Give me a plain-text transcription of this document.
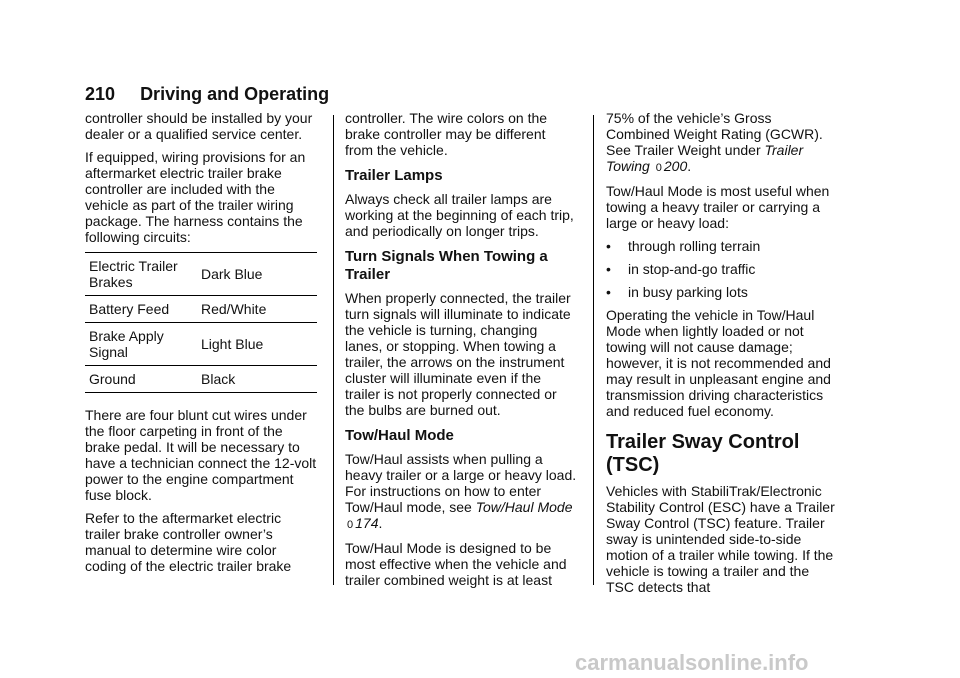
210 Driving and Operating

controller should be installed by your dealer or a qualified service center.

If equipped, wiring provisions for an aftermarket electric trailer brake controller are included with the vehicle as part of the trailer wiring package. The harness contains the following circuits:

Electric Trailer Brakes	Dark Blue
Battery Feed	Red/White
Brake Apply Signal	Light Blue
Ground	Black

There are four blunt cut wires under the floor carpeting in front of the brake pedal. It will be necessary to have a technician connect the 12-volt power to the engine compartment fuse block.

Refer to the aftermarket electric trailer brake controller owner’s manual to determine wire color coding of the electric trailer brake

controller. The wire colors on the brake controller may be different from the vehicle.

Trailer Lamps

Always check all trailer lamps are working at the beginning of each trip, and periodically on longer trips.

Turn Signals When Towing a Trailer

When properly connected, the trailer turn signals will illuminate to indicate the vehicle is turning, changing lanes, or stopping. When towing a trailer, the arrows on the instrument cluster will illuminate even if the trailer is not properly connected or the bulbs are burned out.

Tow/Haul Mode

Tow/Haul assists when pulling a heavy trailer or a large or heavy load. For instructions on how to enter Tow/Haul mode, see Tow/Haul Mode 0 174.

Tow/Haul Mode is designed to be most effective when the vehicle and trailer combined weight is at least

75% of the vehicle’s Gross Combined Weight Rating (GCWR). See Trailer Weight under Trailer Towing 0 200.

Tow/Haul Mode is most useful when towing a heavy trailer or carrying a large or heavy load:

•	through rolling terrain
•	in stop-and-go traffic
•	in busy parking lots

Operating the vehicle in Tow/Haul Mode when lightly loaded or not towing will not cause damage; however, it is not recommended and may result in unpleasant engine and transmission driving characteristics and reduced fuel economy.

Trailer Sway Control (TSC)

Vehicles with StabiliTrak/Electronic Stability Control (ESC) have a Trailer Sway Control (TSC) feature. Trailer sway is unintended side-to-side motion of a trailer while towing. If the vehicle is towing a trailer and the TSC detects that

carmanualsonline.info
